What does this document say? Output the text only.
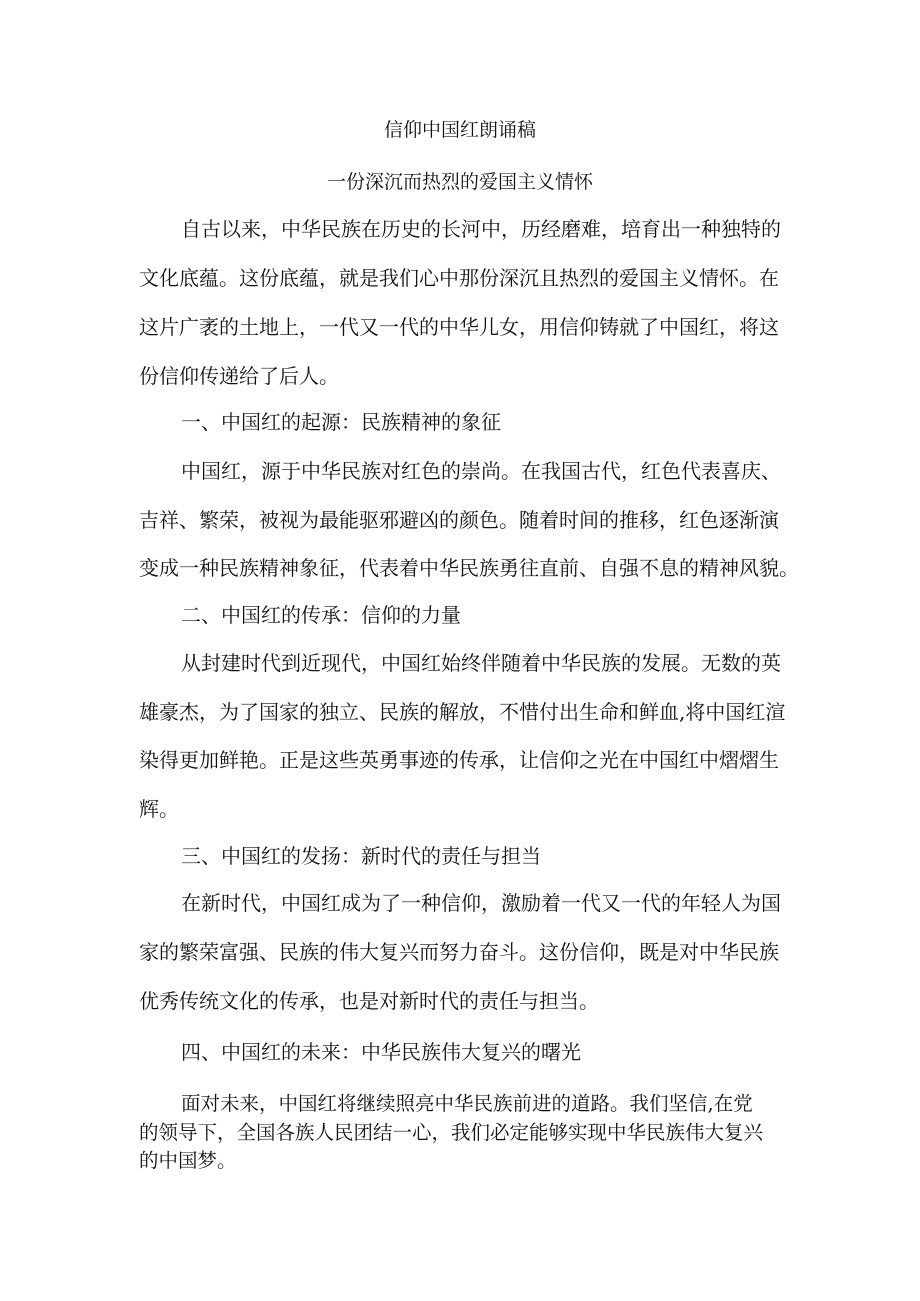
信仰中国红朗诵稿
一份深沉而热烈的爱国主义情怀
自古以来，中华民族在历史的长河中，历经磨难，培育出一种独特的
文化底蕴。这份底蕴，就是我们心中那份深沉且热烈的爱国主义情怀。在
这片广袤的土地上，一代又一代的中华儿女，用信仰铸就了中国红，将这
份信仰传递给了后人。
一、中国红的起源：民族精神的象征
中国红，源于中华民族对红色的崇尚。在我国古代，红色代表喜庆、
吉祥、繁荣，被视为最能驱邪避凶的颜色。随着时间的推移，红色逐渐演
变成一种民族精神象征，代表着中华民族勇往直前、自强不息的精神风貌。
二、中国红的传承：信仰的力量
从封建时代到近现代，中国红始终伴随着中华民族的发展。无数的英
雄豪杰，为了国家的独立、民族的解放，不惜付出生命和鲜血,将中国红渲
染得更加鲜艳。正是这些英勇事迹的传承，让信仰之光在中国红中熠熠生
辉。
三、中国红的发扬：新时代的责任与担当
在新时代，中国红成为了一种信仰，激励着一代又一代的年轻人为国
家的繁荣富强、民族的伟大复兴而努力奋斗。这份信仰，既是对中华民族
优秀传统文化的传承，也是对新时代的责任与担当。
四、中国红的未来：中华民族伟大复兴的曙光
面对未来，中国红将继续照亮中华民族前进的道路。我们坚信,在党
的领导下，全国各族人民团结一心，我们必定能够实现中华民族伟大复兴
的中国梦。
